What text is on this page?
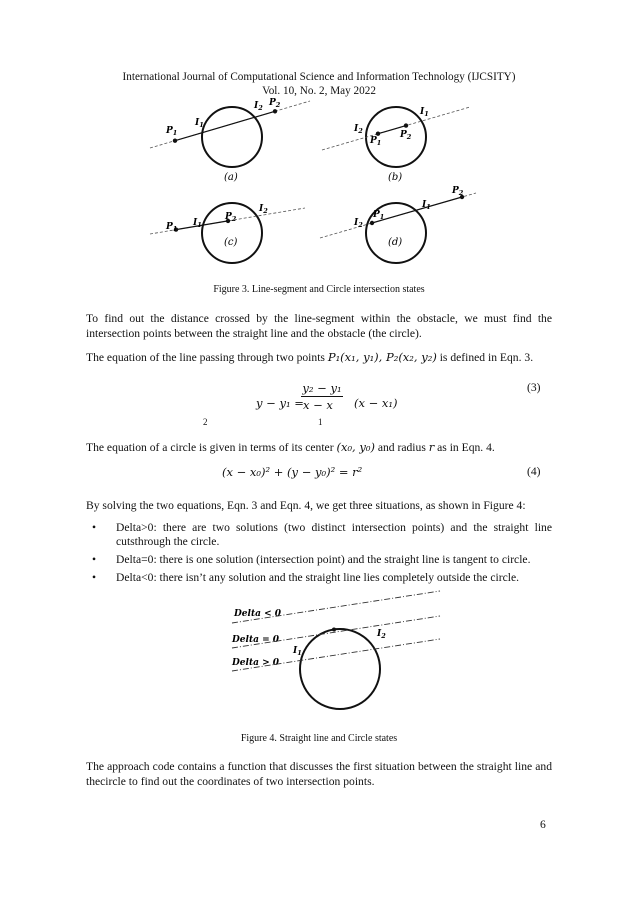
International Journal of Computational Science and Information Technology (IJCSITY)
Vol. 10, No. 2, May 2022
$P_1$
$P_2$
$I_1$
$I_2$
(a)
$P_1$
$P_2$
$I_2$
$I_1$
(b)
$P_1$
$P_2$
$I_1$
$I_2$
(c)
$P_1$
$P_2$
$I_2$
$I_1$
(d)
Figure 3. Line-segment and Circle intersection states
To find out the distance crossed by the line-segment within the obstacle, we must find the intersection points between the straight line and the obstacle (the circle).
The equation of the line passing through two points P₁(x₁, y₁), P₂(x₂, y₂) is defined in Eqn. 3.
y − y₁ =
y₂ − y₁
x − x (x − x₁)
2	1
(3)
The equation of a circle is given in terms of its center (x₀, y₀) and radius r as in Eqn. 4.
(x − x₀)² + (y − y₀)² = r²	(4)
By solving the two equations, Eqn. 3 and Eqn. 4, we get three situations, as shown in Figure 4:
• Delta>0: there are two solutions (two distinct intersection points) and the straight line cutsthrough the circle.
• Delta=0: there is one solution (intersection point) and the straight line is tangent to circle.
• Delta<0: there isn’t any solution and the straight line lies completely outside the circle.
Delta < 0
Delta = 0
Delta > 0
$I_1$
$I_2$
Figure 4. Straight line and Circle states
The approach code contains a function that discusses the first situation between the straight line and thecircle to find out the coordinates of two intersection points.
6
